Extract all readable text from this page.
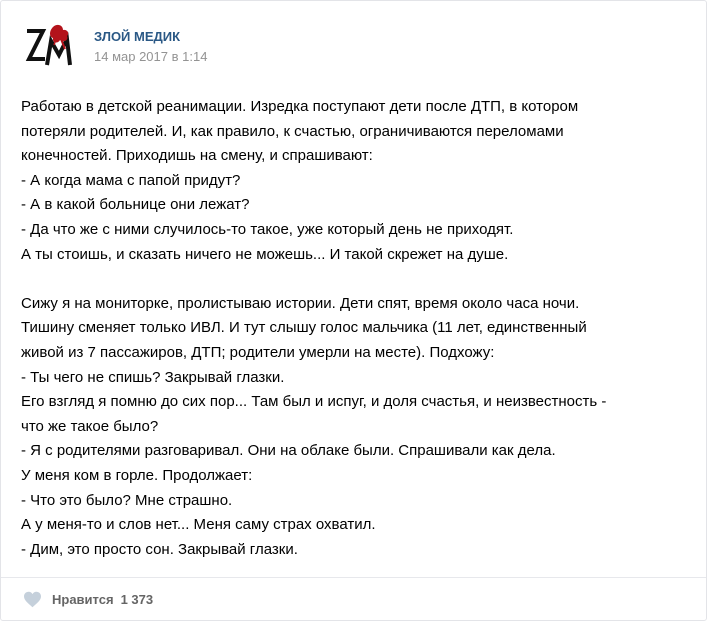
ЗЛОЙ МЕДИК
14 мар 2017 в 1:14
Работаю в детской реанимации. Изредка поступают дети после ДТП, в котором
потеряли родителей. И, как правило, к счастью, ограничиваются переломами
конечностей. Приходишь на смену, и спрашивают:
- А когда мама с папой придут?
- А в какой больнице они лежат?
- Да что же с ними случилось-то такое, уже который день не приходят.
А ты стоишь, и сказать ничего не можешь... И такой скрежет на душе.
Сижу я на мониторке, пролистываю истории. Дети спят, время около часа ночи.
Тишину сменяет только ИВЛ. И тут слышу голос мальчика (11 лет, единственный
живой из 7 пассажиров, ДТП; родители умерли на месте). Подхожу:
- Ты чего не спишь? Закрывай глазки.
Его взгляд я помню до сих пор... Там был и испуг, и доля счастья, и неизвестность -
что же такое было?
- Я с родителями разговаривал. Они на облаке были. Спрашивали как дела.
У меня ком в горле. Продолжает:
- Что это было? Мне страшно.
А у меня-то и слов нет... Меня саму страх охватил.
- Дим, это просто сон. Закрывай глазки.
Нравится 1 373
